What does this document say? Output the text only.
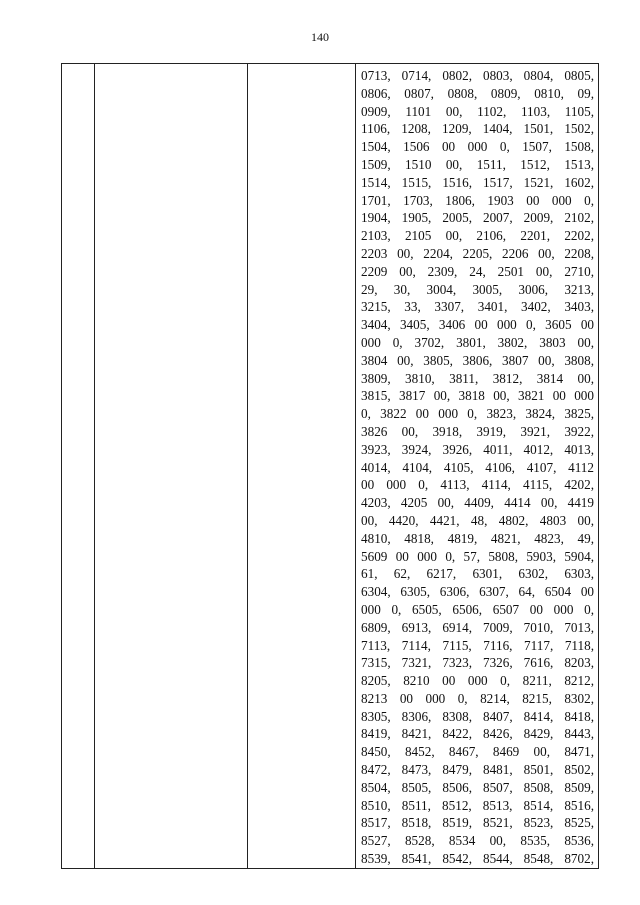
140

0713, 0714, 0802, 0803, 0804, 0805,
0806, 0807, 0808, 0809, 0810, 09,
0909, 1101 00, 1102, 1103, 1105,
1106, 1208, 1209, 1404, 1501, 1502,
1504, 1506 00 000 0, 1507, 1508,
1509, 1510 00, 1511, 1512, 1513,
1514, 1515, 1516, 1517, 1521, 1602,
1701, 1703, 1806, 1903 00 000 0,
1904, 1905, 2005, 2007, 2009, 2102,
2103, 2105 00, 2106, 2201, 2202,
2203 00, 2204, 2205, 2206 00, 2208,
2209 00, 2309, 24, 2501 00, 2710,
29, 30, 3004, 3005, 3006, 3213,
3215, 33, 3307, 3401, 3402, 3403,
3404, 3405, 3406 00 000 0, 3605 00
000 0, 3702, 3801, 3802, 3803 00,
3804 00, 3805, 3806, 3807 00, 3808,
3809, 3810, 3811, 3812, 3814 00,
3815, 3817 00, 3818 00, 3821 00 000
0, 3822 00 000 0, 3823, 3824, 3825,
3826 00, 3918, 3919, 3921, 3922,
3923, 3924, 3926, 4011, 4012, 4013,
4014, 4104, 4105, 4106, 4107, 4112
00 000 0, 4113, 4114, 4115, 4202,
4203, 4205 00, 4409, 4414 00, 4419
00, 4420, 4421, 48, 4802, 4803 00,
4810, 4818, 4819, 4821, 4823, 49,
5609 00 000 0, 57, 5808, 5903, 5904,
61, 62, 6217, 6301, 6302, 6303,
6304, 6305, 6306, 6307, 64, 6504 00
000 0, 6505, 6506, 6507 00 000 0,
6809, 6913, 6914, 7009, 7010, 7013,
7113, 7114, 7115, 7116, 7117, 7118,
7315, 7321, 7323, 7326, 7616, 8203,
8205, 8210 00 000 0, 8211, 8212,
8213 00 000 0, 8214, 8215, 8302,
8305, 8306, 8308, 8407, 8414, 8418,
8419, 8421, 8422, 8426, 8429, 8443,
8450, 8452, 8467, 8469 00, 8471,
8472, 8473, 8479, 8481, 8501, 8502,
8504, 8505, 8506, 8507, 8508, 8509,
8510, 8511, 8512, 8513, 8514, 8516,
8517, 8518, 8519, 8521, 8523, 8525,
8527, 8528, 8534 00, 8535, 8536,
8539, 8541, 8542, 8544, 8548, 8702,
